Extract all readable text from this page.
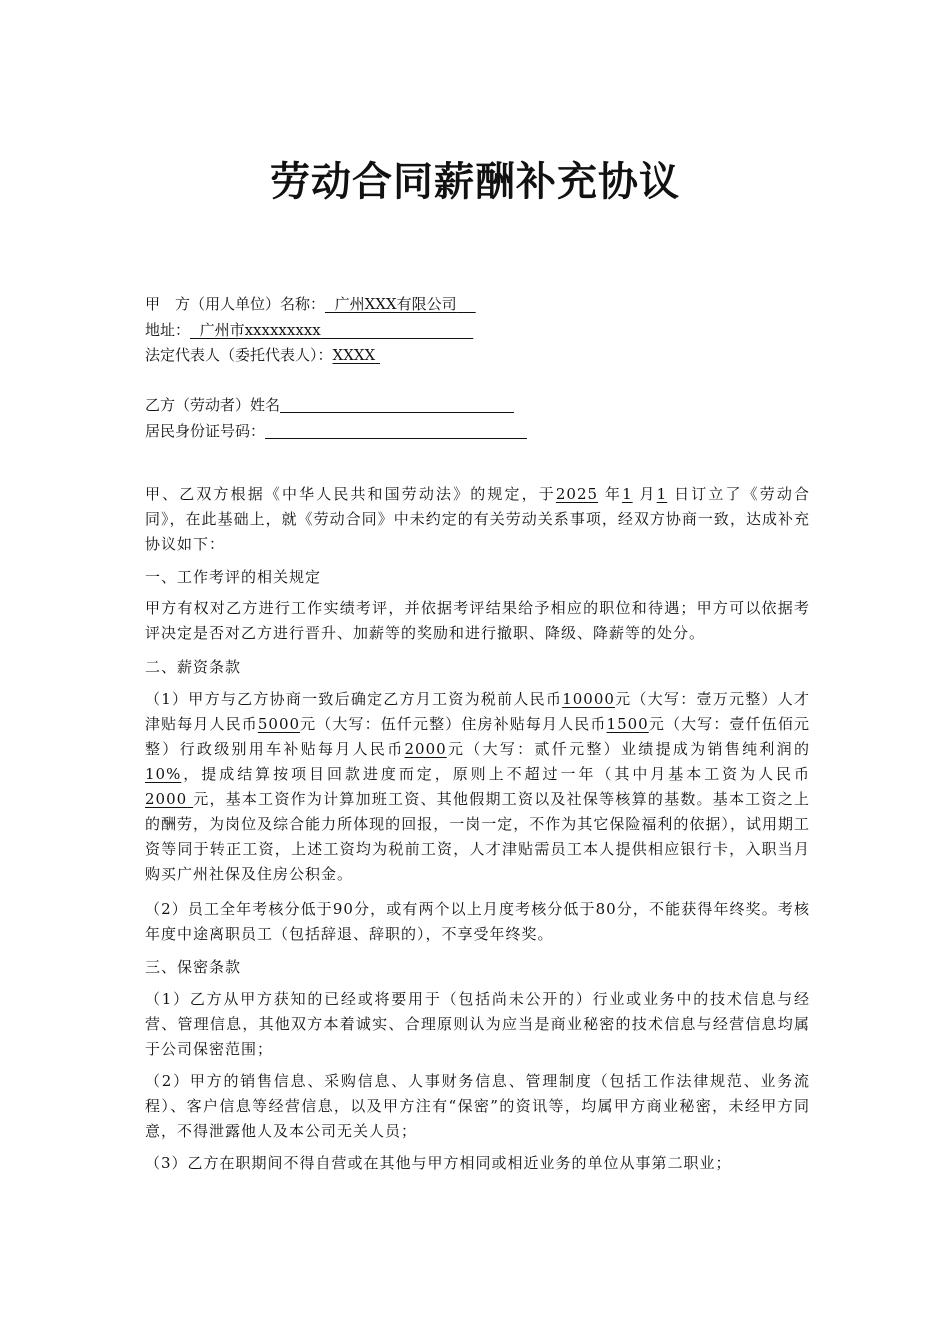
劳动合同薪酬补充协议
甲　方（用人单位）名称： 广州XXX有限公司
地址： 广州市xxxxxxxxx
法定代表人（委托代表人）：XXXX
乙方（劳动者）姓名
居民身份证号码：

甲、乙双方根据《中华人民共和国劳动法》的规定，于2025 年1 月1 日订立了《劳动合同》，在此基础上，就《劳动合同》中未约定的有关劳动关系事项，经双方协商一致，达成补充协议如下：

一、工作考评的相关规定

甲方有权对乙方进行工作实绩考评，并依据考评结果给予相应的职位和待遇；甲方可以依据考评决定是否对乙方进行晋升、加薪等的奖励和进行撤职、降级、降薪等的处分。

二、薪资条款

（1）甲方与乙方协商一致后确定乙方月工资为税前人民币10000元（大写：壹万元整）人才津贴每月人民币5000元（大写：伍仟元整）住房补贴每月人民币1500元（大写：壹仟伍佰元整）行政级别用车补贴每月人民币2000元（大写：贰仟元整）业绩提成为销售纯利润的10%，提成结算按项目回款进度而定，原则上不超过一年（其中月基本工资为人民币2000 元，基本工资作为计算加班工资、其他假期工资以及社保等核算的基数。基本工资之上的酬劳，为岗位及综合能力所体现的回报，一岗一定，不作为其它保险福利的依据），试用期工资等同于转正工资，上述工资均为税前工资，人才津贴需员工本人提供相应银行卡，入职当月购买广州社保及住房公积金。

（2）员工全年考核分低于90分，或有两个以上月度考核分低于80分，不能获得年终奖。考核年度中途离职员工（包括辞退、辞职的），不享受年终奖。

三、保密条款

（1）乙方从甲方获知的已经或将要用于（包括尚未公开的）行业或业务中的技术信息与经营、管理信息，其他双方本着诚实、合理原则认为应当是商业秘密的技术信息与经营信息均属于公司保密范围；

（2）甲方的销售信息、采购信息、人事财务信息、管理制度（包括工作法律规范、业务流程）、客户信息等经营信息，以及甲方注有“保密”的资讯等，均属甲方商业秘密，未经甲方同意，不得泄露他人及本公司无关人员；

（3）乙方在职期间不得自营或在其他与甲方相同或相近业务的单位从事第二职业；
